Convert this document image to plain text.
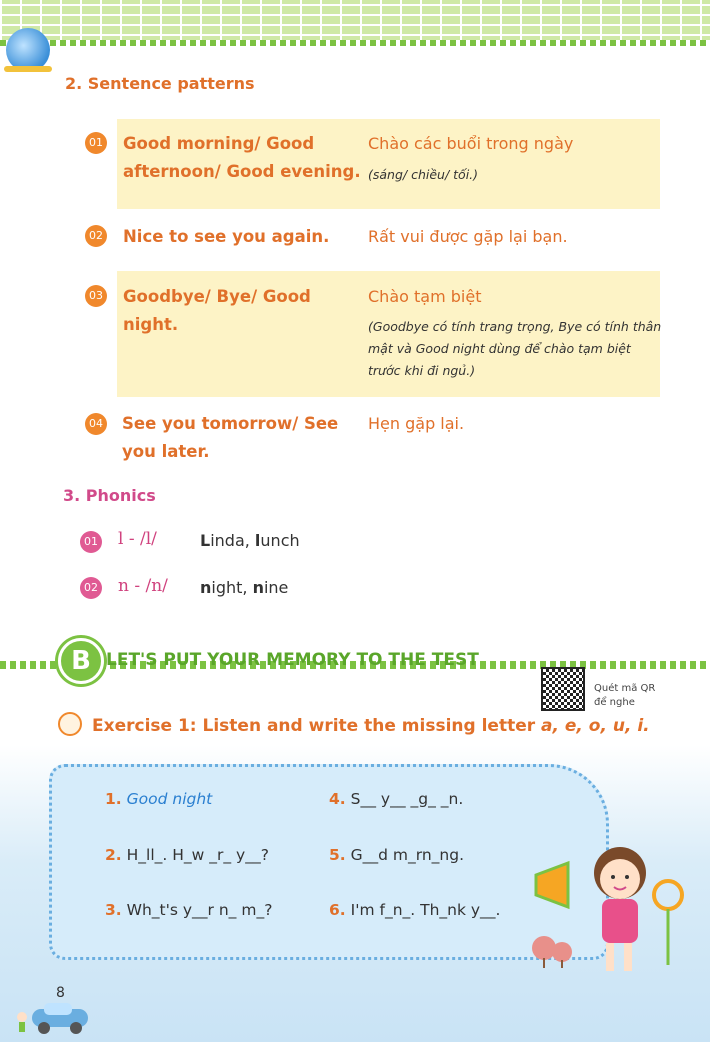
2. Sentence patterns
01 Good morning/ Good
afternoon/ Good evening.
Chào các buổi trong ngày
(sáng/ chiều/ tối.)
02 Nice to see you again. Rất vui được gặp lại bạn.
03 Goodbye/ Bye/ Good
night.
Chào tạm biệt
(Goodbye có tính trang trọng, Bye có tính thân
mật và Good night dùng để chào tạm biệt
trước khi đi ngủ.)
04 See you tomorrow/ See
you later.
Hẹn gặp lại.
3. Phonics
01 l - /l/	Linda, lunch
02 n - /n/ night, nine
B LET'S PUT YOUR MEMORY TO THE TEST
Quét mã QR
để nghe
Exercise 1: Listen and write the missing letter a, e, o, u, i.
1. Good night	4. S__ y__ _g_ _n.
2. H_ll_. H_w _r_ y__?	5. G__d m_rn_ng.
3. Wh_t's y__r n_ m_?	6. I'm f_n_. Th_nk y__.
8
